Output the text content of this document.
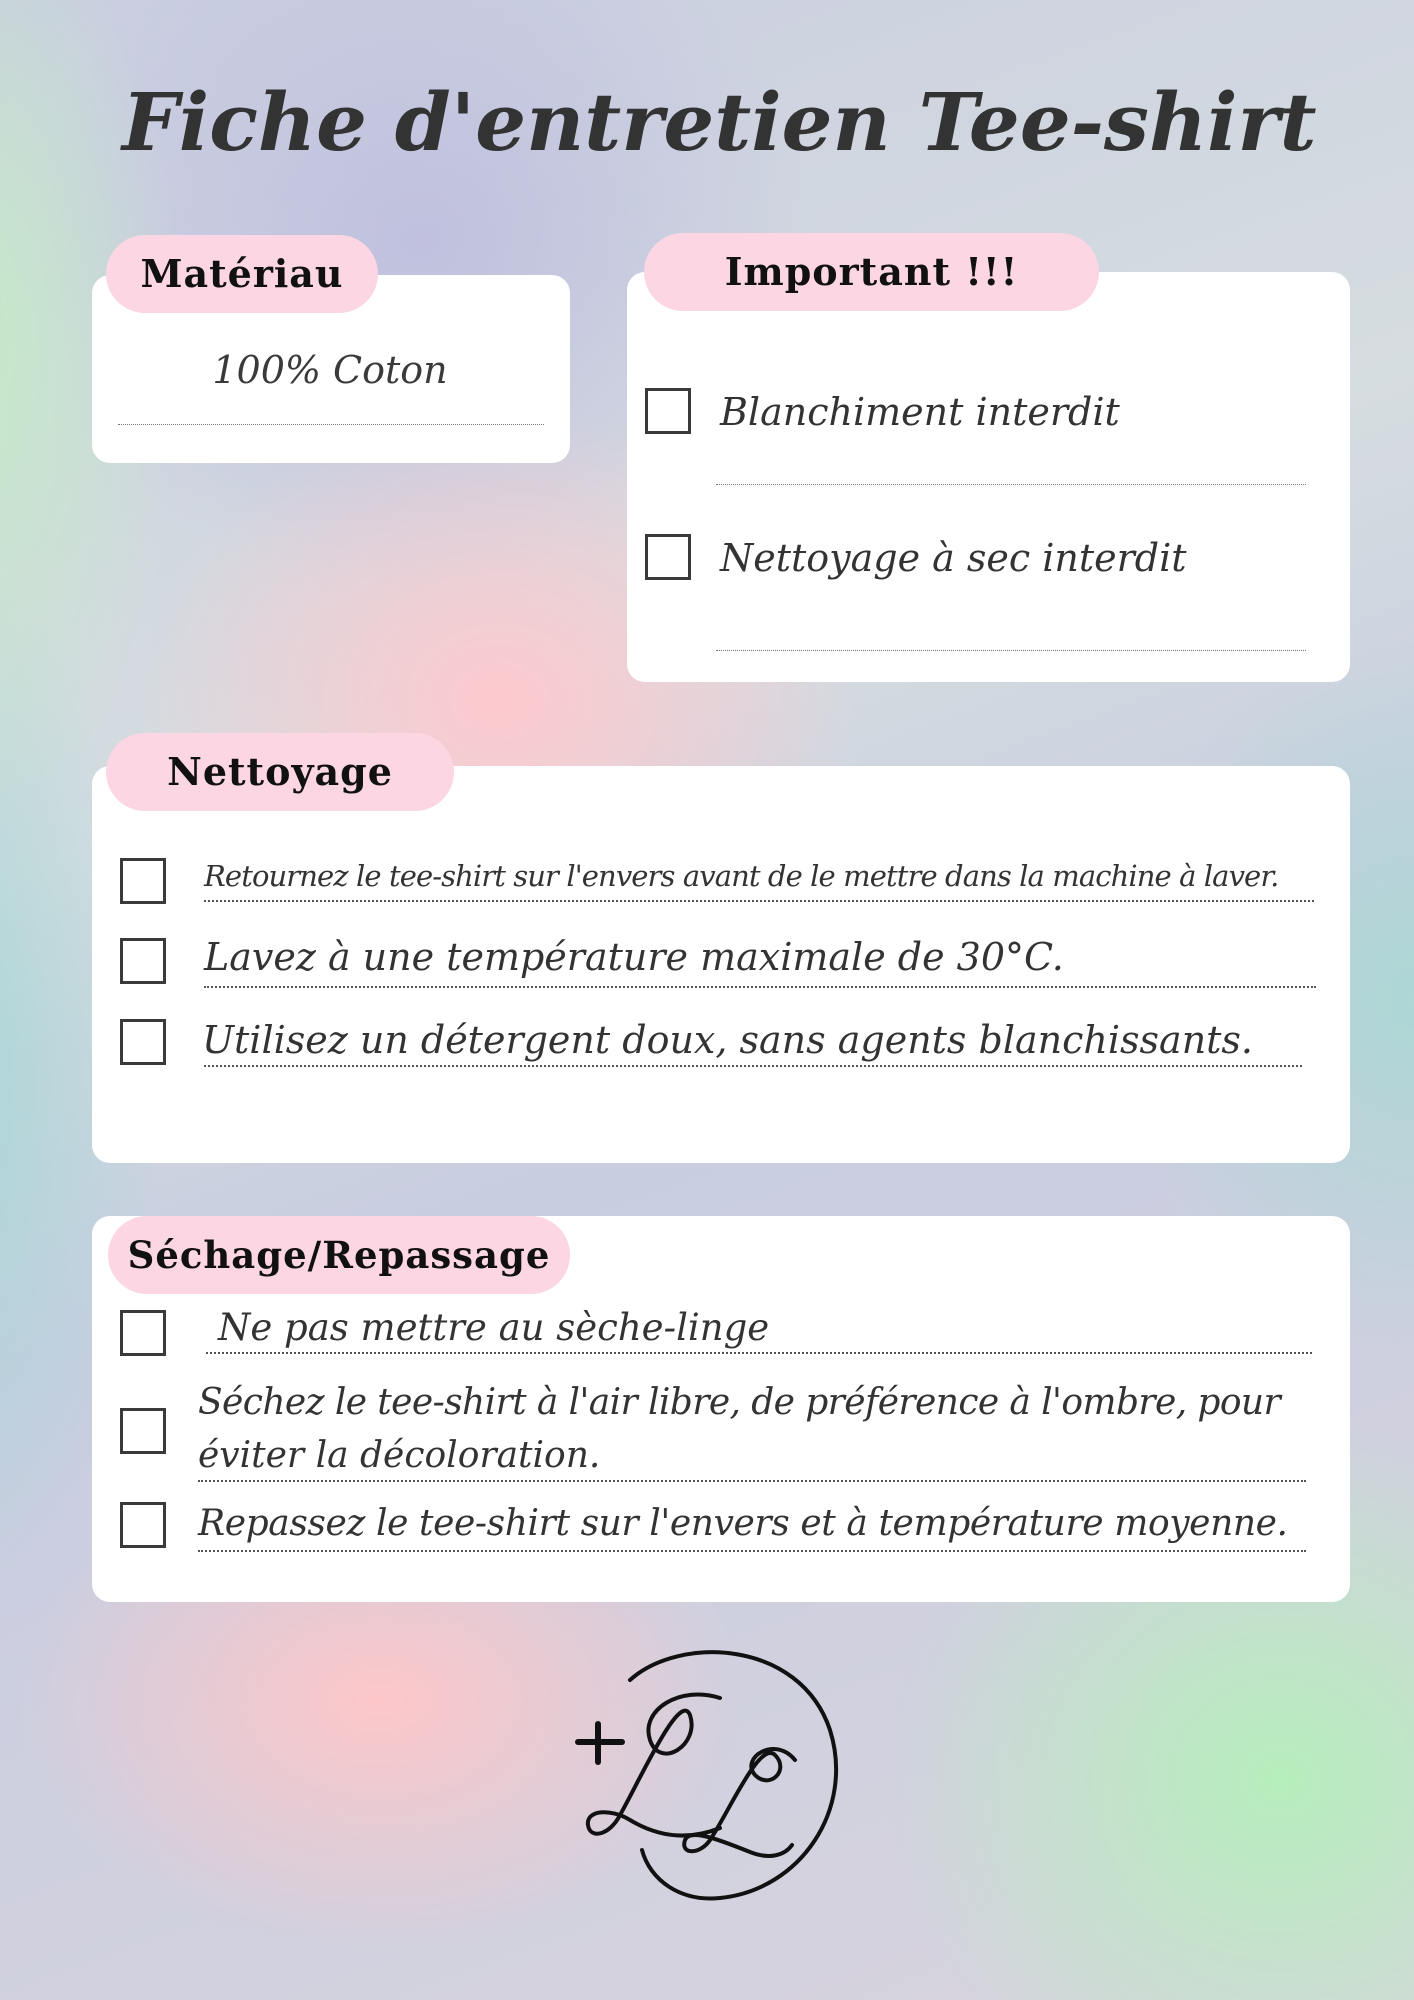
Fiche d'entretien Tee-shirt
Matériau
100% Coton
Important !!!
Blanchiment interdit
Nettoyage à sec interdit
Nettoyage
Retournez le tee-shirt sur l'envers avant de le mettre dans la machine à laver.
Lavez à une température maximale de 30°C.
Utilisez un détergent doux, sans agents blanchissants.
Séchage/Repassage
Ne pas mettre au sèche-linge
Séchez le tee-shirt à l'air libre, de préférence à l'ombre, pour
éviter la décoloration.
Repassez le tee-shirt sur l'envers et à température moyenne.
